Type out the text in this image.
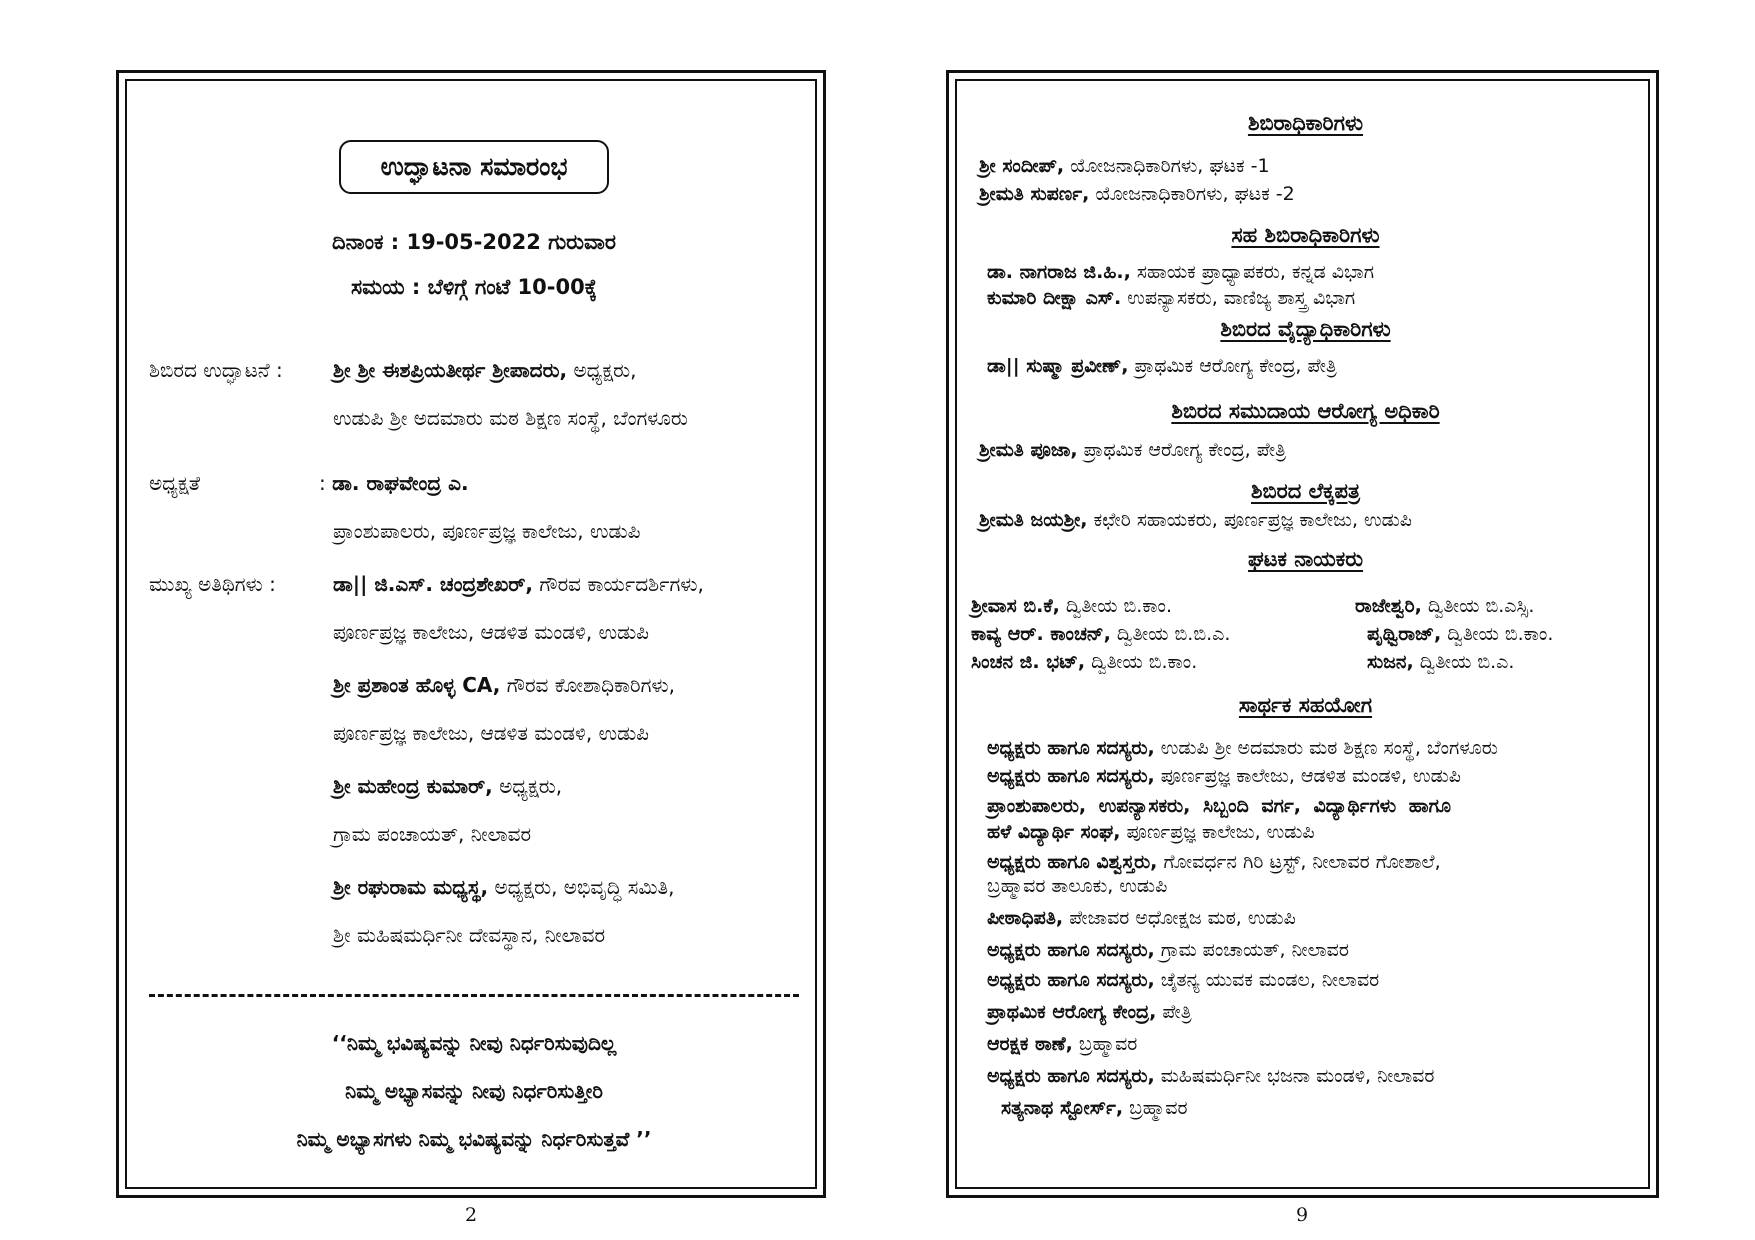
ಉದ್ಘಾಟನಾ ಸಮಾರಂಭ
ದಿನಾಂಕ : 19-05-2022 ಗುರುವಾರ
ಸಮಯ : ಬೆಳಿಗ್ಗೆ ಗಂಟೆ 10-00ಕ್ಕೆ
ಶಿಬಿರದ ಉದ್ಘಾಟನೆ :	ಶ್ರೀ ಶ್ರೀ ಈಶಪ್ರಿಯತೀರ್ಥ ಶ್ರೀಪಾದರು, ಅಧ್ಯಕ್ಷರು,
ಉಡುಪಿ ಶ್ರೀ ಅದಮಾರು ಮಠ ಶಿಕ್ಷಣ ಸಂಸ್ಥೆ, ಬೆಂಗಳೂರು
ಅಧ್ಯಕ್ಷತೆ	: ಡಾ. ರಾಘವೇಂದ್ರ ಎ.
ಪ್ರಾಂಶುಪಾಲರು, ಪೂರ್ಣಪ್ರಜ್ಞ ಕಾಲೇಜು, ಉಡುಪಿ
ಮುಖ್ಯ ಅತಿಥಿಗಳು :	ಡಾ|| ಜಿ.ಎಸ್. ಚಂದ್ರಶೇಖರ್, ಗೌರವ ಕಾರ್ಯದರ್ಶಿಗಳು,
ಪೂರ್ಣಪ್ರಜ್ಞ ಕಾಲೇಜು, ಆಡಳಿತ ಮಂಡಳಿ, ಉಡುಪಿ
ಶ್ರೀ ಪ್ರಶಾಂತ ಹೊಳ್ಳ CA, ಗೌರವ ಕೋಶಾಧಿಕಾರಿಗಳು,
ಪೂರ್ಣಪ್ರಜ್ಞ ಕಾಲೇಜು, ಆಡಳಿತ ಮಂಡಳಿ, ಉಡುಪಿ
ಶ್ರೀ ಮಹೇಂದ್ರ ಕುಮಾರ್, ಅಧ್ಯಕ್ಷರು,
ಗ್ರಾಮ ಪಂಚಾಯತ್, ನೀಲಾವರ
ಶ್ರೀ ರಘುರಾಮ ಮಧ್ಯಸ್ಥ, ಅಧ್ಯಕ್ಷರು, ಅಭಿವೃದ್ಧಿ ಸಮಿತಿ,
ಶ್ರೀ ಮಹಿಷಮರ್ಧಿನೀ ದೇವಸ್ಥಾನ, ನೀಲಾವರ
‘‘ನಿಮ್ಮ ಭವಿಷ್ಯವನ್ನು ನೀವು ನಿರ್ಧರಿಸುವುದಿಲ್ಲ
ನಿಮ್ಮ ಅಭ್ಯಾಸವನ್ನು ನೀವು ನಿರ್ಧರಿಸುತ್ತೀರಿ
ನಿಮ್ಮ ಅಭ್ಯಾಸಗಳು ನಿಮ್ಮ ಭವಿಷ್ಯವನ್ನು ನಿರ್ಧರಿಸುತ್ತವೆ ’’
2
ಶಿಬಿರಾಧಿಕಾರಿಗಳು
ಶ್ರೀ ಸಂದೀಪ್, ಯೋಜನಾಧಿಕಾರಿಗಳು, ಘಟಕ -1
ಶ್ರೀಮತಿ ಸುಪರ್ಣ, ಯೋಜನಾಧಿಕಾರಿಗಳು, ಘಟಕ -2
ಸಹ ಶಿಬಿರಾಧಿಕಾರಿಗಳು
ಡಾ. ನಾಗರಾಜ ಜಿ.ಹಿ., ಸಹಾಯಕ ಪ್ರಾಧ್ಯಾಪಕರು, ಕನ್ನಡ ವಿಭಾಗ
ಕುಮಾರಿ ದೀಕ್ಷಾ ಎಸ್. ಉಪನ್ಯಾಸಕರು, ವಾಣಿಜ್ಯ ಶಾಸ್ತ್ರ ವಿಭಾಗ
ಶಿಬಿರದ ವೈದ್ಯಾಧಿಕಾರಿಗಳು
ಡಾ|| ಸುಷ್ಮಾ ಪ್ರವೀಣ್, ಪ್ರಾಥಮಿಕ ಆರೋಗ್ಯ ಕೇಂದ್ರ, ಪೇತ್ರಿ
ಶಿಬಿರದ ಸಮುದಾಯ ಆರೋಗ್ಯ ಅಧಿಕಾರಿ
ಶ್ರೀಮತಿ ಪೂಜಾ, ಪ್ರಾಥಮಿಕ ಆರೋಗ್ಯ ಕೇಂದ್ರ, ಪೇತ್ರಿ
ಶಿಬಿರದ ಲೆಕ್ಕಪತ್ರ
ಶ್ರೀಮತಿ ಜಯಶ್ರೀ, ಕಛೇರಿ ಸಹಾಯಕರು, ಪೂರ್ಣಪ್ರಜ್ಞ ಕಾಲೇಜು, ಉಡುಪಿ
ಘಟಕ ನಾಯಕರು
ಶ್ರೀವಾಸ ಬಿ.ಕೆ, ದ್ವಿತೀಯ ಬಿ.ಕಾಂ.	ರಾಜೇಶ್ವರಿ, ದ್ವಿತೀಯ ಬಿ.ಎಸ್ಸಿ.
ಕಾವ್ಯ ಆರ್. ಕಾಂಚನ್, ದ್ವಿತೀಯ ಬಿ.ಬಿ.ಎ.	ಪೃಥ್ವಿರಾಜ್, ದ್ವಿತೀಯ ಬಿ.ಕಾಂ.
ಸಿಂಚನ ಜಿ. ಭಟ್, ದ್ವಿತೀಯ ಬಿ.ಕಾಂ.	ಸುಜನ, ದ್ವಿತೀಯ ಬಿ.ಎ.
ಸಾರ್ಥಕ ಸಹಯೋಗ
ಅಧ್ಯಕ್ಷರು ಹಾಗೂ ಸದಸ್ಯರು, ಉಡುಪಿ ಶ್ರೀ ಅದಮಾರು ಮಠ ಶಿಕ್ಷಣ ಸಂಸ್ಥೆ, ಬೆಂಗಳೂರು
ಅಧ್ಯಕ್ಷರು ಹಾಗೂ ಸದಸ್ಯರು, ಪೂರ್ಣಪ್ರಜ್ಞ ಕಾಲೇಜು, ಆಡಳಿತ ಮಂಡಳಿ, ಉಡುಪಿ
ಪ್ರಾಂಶುಪಾಲರು, ಉಪನ್ಯಾಸಕರು, ಸಿಬ್ಬಂದಿ ವರ್ಗ, ವಿದ್ಯಾರ್ಥಿಗಳು ಹಾಗೂ
ಹಳೆ ವಿದ್ಯಾರ್ಥಿ ಸಂಘ, ಪೂರ್ಣಪ್ರಜ್ಞ ಕಾಲೇಜು, ಉಡುಪಿ
ಅಧ್ಯಕ್ಷರು ಹಾಗೂ ವಿಶ್ವಸ್ತರು, ಗೋವರ್ಧನ ಗಿರಿ ಟ್ರಸ್ಟ್, ನೀಲಾವರ ಗೋಶಾಲೆ,
ಬ್ರಹ್ಮಾವರ ತಾಲೂಕು, ಉಡುಪಿ
ಪೀಠಾಧಿಪತಿ, ಪೇಜಾವರ ಅಧೋಕ್ಷಜ ಮಠ, ಉಡುಪಿ
ಅಧ್ಯಕ್ಷರು ಹಾಗೂ ಸದಸ್ಯರು, ಗ್ರಾಮ ಪಂಚಾಯತ್, ನೀಲಾವರ
ಅಧ್ಯಕ್ಷರು ಹಾಗೂ ಸದಸ್ಯರು, ಚೈತನ್ಯ ಯುವಕ ಮಂಡಲ, ನೀಲಾವರ
ಪ್ರಾಥಮಿಕ ಆರೋಗ್ಯ ಕೇಂದ್ರ, ಪೇತ್ರಿ
ಆರಕ್ಷಕ ಠಾಣೆ, ಬ್ರಹ್ಮಾವರ
ಅಧ್ಯಕ್ಷರು ಹಾಗೂ ಸದಸ್ಯರು, ಮಹಿಷಮರ್ಧಿನೀ ಭಜನಾ ಮಂಡಳಿ, ನೀಲಾವರ
ಸತ್ಯನಾಥ ಸ್ಟೋರ್ಸ್, ಬ್ರಹ್ಮಾವರ
9
